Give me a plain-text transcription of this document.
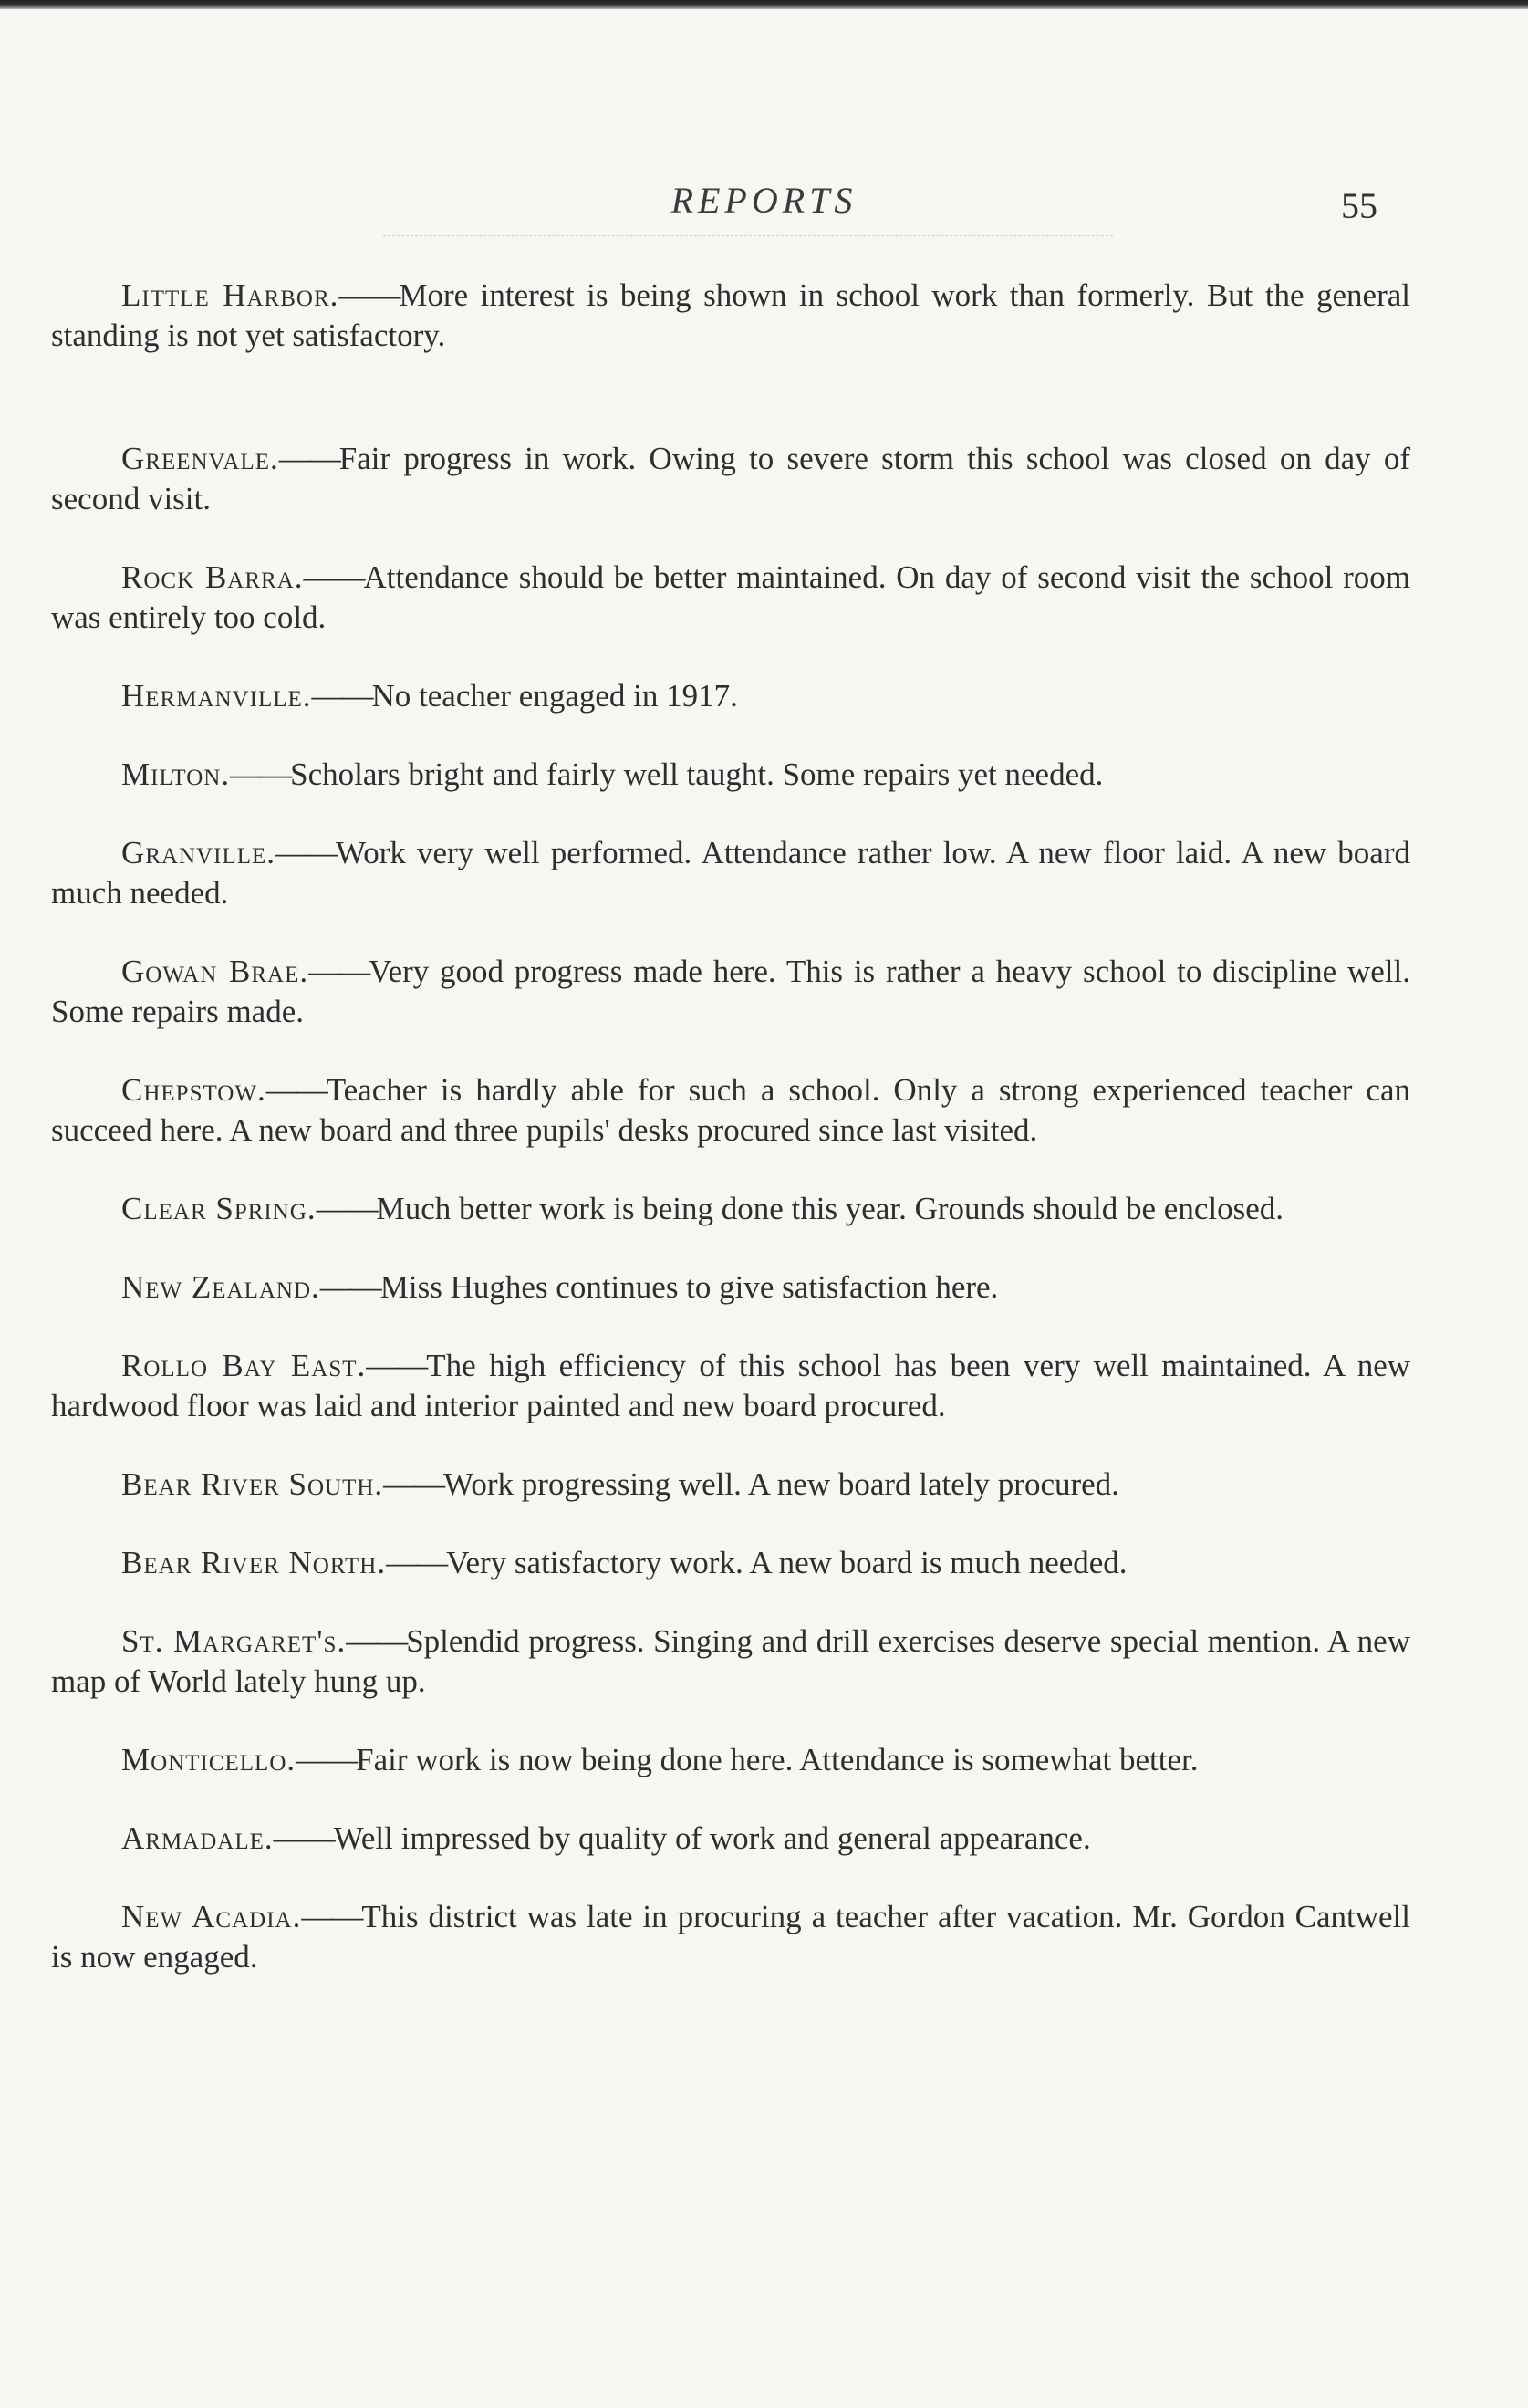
REPORTS	55

Little Harbor.——More interest is being shown in school work than formerly. But the general standing is not yet satisfactory.

Greenvale.——Fair progress in work. Owing to severe storm this school was closed on day of second visit.

Rock Barra.——Attendance should be better maintained. On day of second visit the school room was entirely too cold.

Hermanville.——No teacher engaged in 1917.

Milton.——Scholars bright and fairly well taught. Some repairs yet needed.

Granville.——Work very well performed. Attendance rather low. A new floor laid. A new board much needed.

Gowan Brae.——Very good progress made here. This is rather a heavy school to discipline well. Some repairs made.

Chepstow.——Teacher is hardly able for such a school. Only a strong experienced teacher can succeed here. A new board and three pupils' desks procured since last visited.

Clear Spring.——Much better work is being done this year. Grounds should be enclosed.

New Zealand.——Miss Hughes continues to give satisfaction here.

Rollo Bay East.——The high efficiency of this school has been very well maintained. A new hardwood floor was laid and interior painted and new board procured.

Bear River South.——Work progressing well. A new board lately procured.

Bear River North.——Very satisfactory work. A new board is much needed.

St. Margaret's.——Splendid progress. Singing and drill exercises deserve special mention. A new map of World lately hung up.

Monticello.——Fair work is now being done here. Attendance is somewhat better.

Armadale.——Well impressed by quality of work and general appearance.

New Acadia.——This district was late in procuring a teacher after vacation. Mr. Gordon Cantwell is now engaged.
